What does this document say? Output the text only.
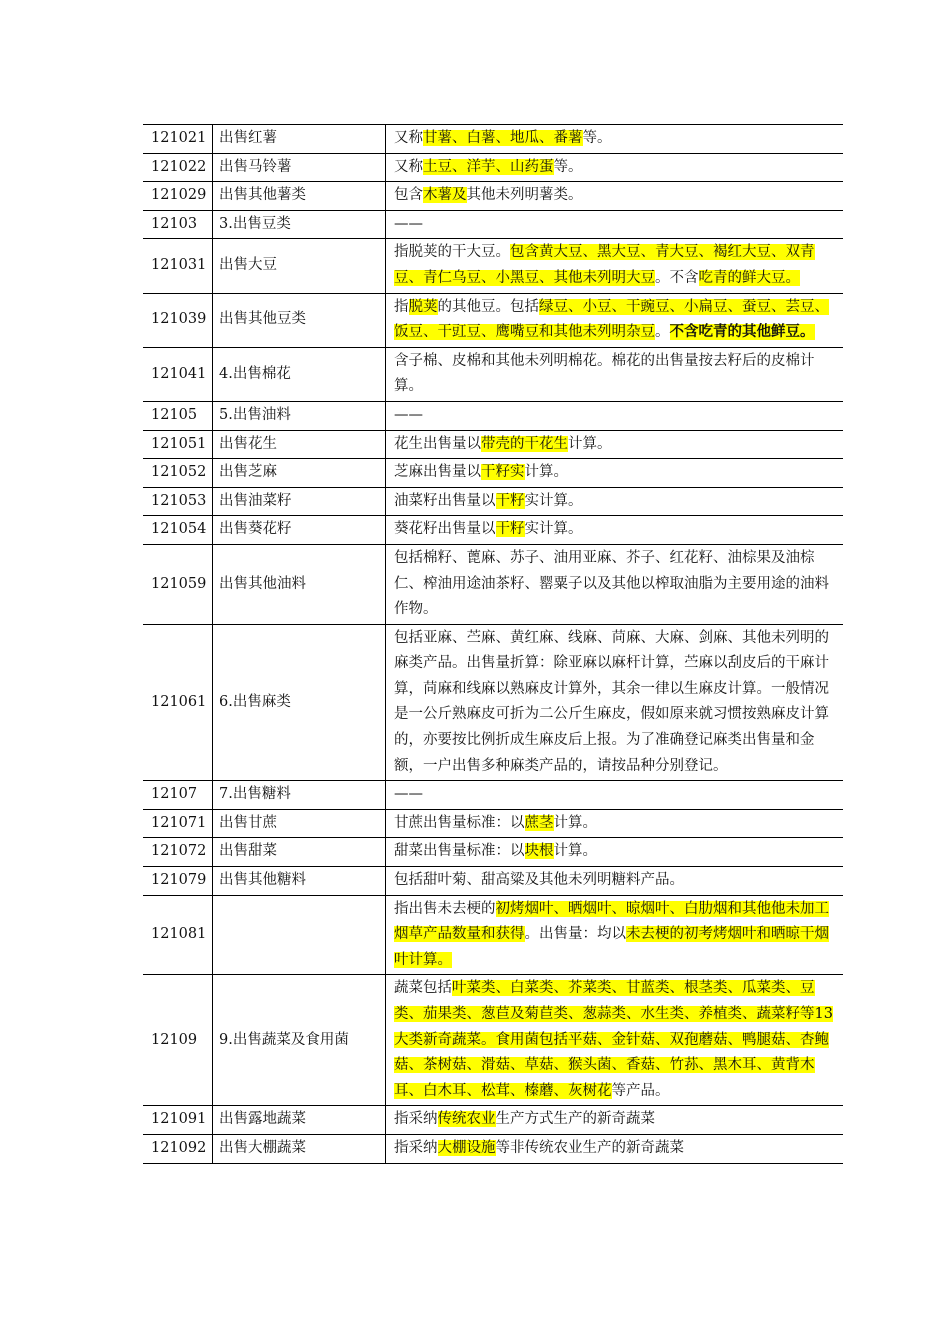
121021	出售红薯	又称甘薯、白薯、地瓜、番薯等。
121022	出售马铃薯	又称土豆、洋芋、山药蛋等。
121029	出售其他薯类	包含木薯及其他未列明薯类。
12103	3.出售豆类	——
121031	出售大豆	指脱荚的干大豆。包含黄大豆、黑大豆、青大豆、褐红大豆、双青豆、青仁乌豆、小黑豆、其他未列明大豆。不含吃青的鲜大豆。
121039	出售其他豆类	指脱荚的其他豆。包括绿豆、小豆、干豌豆、小扁豆、蚕豆、芸豆、饭豆、干豇豆、鹰嘴豆和其他未列明杂豆。不含吃青的其他鲜豆。
121041	4.出售棉花	含子棉、皮棉和其他未列明棉花。棉花的出售量按去籽后的皮棉计算。
12105	5.出售油料	——
121051	出售花生	花生出售量以带壳的干花生计算。
121052	出售芝麻	芝麻出售量以干籽实计算。
121053	出售油菜籽	油菜籽出售量以干籽实计算。
121054	出售葵花籽	葵花籽出售量以干籽实计算。
121059	出售其他油料	包括棉籽、蓖麻、苏子、油用亚麻、芥子、红花籽、油棕果及油棕仁、榨油用途油茶籽、罂粟子以及其他以榨取油脂为主要用途的油料作物。
121061	6.出售麻类	包括亚麻、苎麻、黄红麻、线麻、苘麻、大麻、剑麻、其他未列明的麻类产品。出售量折算：除亚麻以麻杆计算，苎麻以刮皮后的干麻计算，苘麻和线麻以熟麻皮计算外，其余一律以生麻皮计算。一般情况是一公斤熟麻皮可折为二公斤生麻皮，假如原来就习惯按熟麻皮计算的，亦要按比例折成生麻皮后上报。为了准确登记麻类出售量和金额，一户出售多种麻类产品的，请按品种分别登记。
12107	7.出售糖料	——
121071	出售甘蔗	甘蔗出售量标准：以蔗茎计算。
121072	出售甜菜	甜菜出售量标准：以块根计算。
121079	出售其他糖料	包括甜叶菊、甜高粱及其他未列明糖料产品。
121081		指出售未去梗的初烤烟叶、晒烟叶、晾烟叶、白肋烟和其他他未加工烟草产品数量和获得。出售量：均以未去梗的初考烤烟叶和晒晾干烟叶计算。
12109	9.出售蔬菜及食用菌	蔬菜包括叶菜类、白菜类、芥菜类、甘蓝类、根茎类、瓜菜类、豆类、茄果类、葱苣及菊苣类、葱蒜类、水生类、养植类、蔬菜籽等13大类新奇蔬菜。食用菌包括平菇、金针菇、双孢蘑菇、鸭腿菇、杏鲍菇、茶树菇、滑菇、草菇、猴头菌、香菇、竹荪、黑木耳、黄背木耳、白木耳、松茸、榛蘑、灰树花等产品。
121091	出售露地蔬菜	指采纳传统农业生产方式生产的新奇蔬菜
121092	出售大棚蔬菜	指采纳大棚设施等非传统农业生产的新奇蔬菜
